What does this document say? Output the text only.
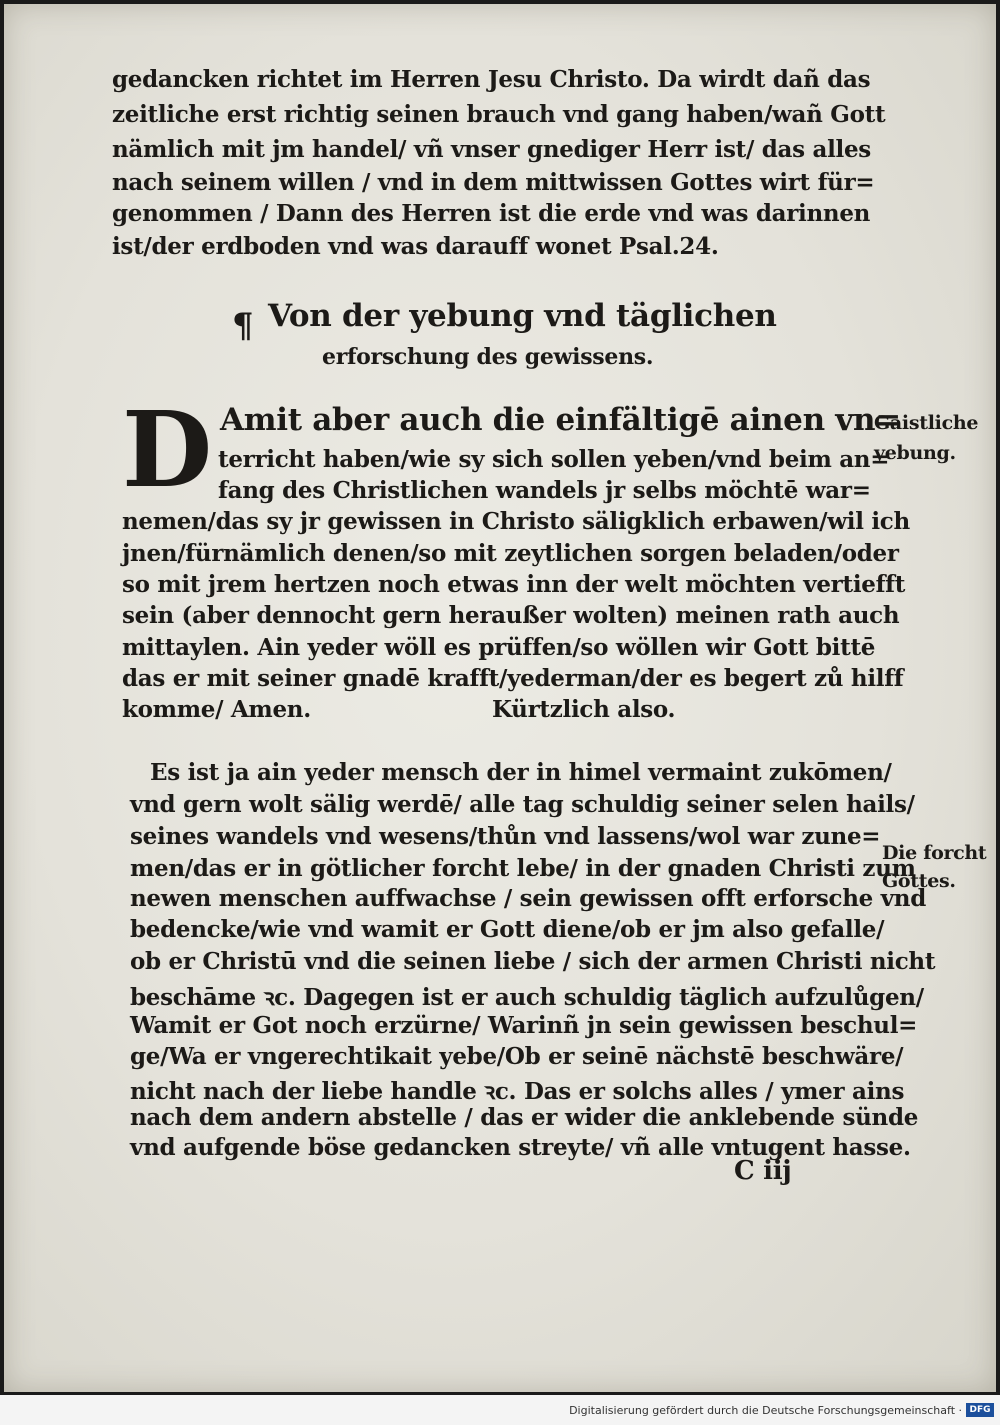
gedancken richtet im Herren Jesu Christo. Da wirdt dañ das
zeitliche erst richtig seinen brauch vnd gang haben/wañ Gott
nämlich mit jm handel/ vñ vnser gnediger Herr ist/ das alles
nach seinem willen / vnd in dem mittwissen Gottes wirt für=
genommen / Dann des Herren ist die erde vnd was darinnen
ist/der erdboden vnd was darauff wonet Psal.24.
¶ Von der yebung vnd täglichen
erforschung des gewissens.
D Amit aber auch die einfältigē ainen vn=
terricht haben/wie sy sich sollen yeben/vnd beim an=
fang des Christlichen wandels jr selbs möchtē war=
nemen/das sy jr gewissen in Christo säligklich erbawen/wil ich
jnen/fürnämlich denen/so mit zeytlichen sorgen beladen/oder
so mit jrem hertzen noch etwas inn der welt möchten vertiefft
sein (aber dennocht gern heraußer wolten) meinen rath auch
mittaylen. Ain yeder wöll es prüffen/so wöllen wir Gott bittē
das er mit seiner gnadē krafft/yederman/der es begert zů hilff
komme/ Amen.	Kürtzlich also.
Gaistliche
yebung.
Es ist ja ain yeder mensch der in himel vermaint zukōmen/
vnd gern wolt sälig werdē/ alle tag schuldig seiner selen hails/
seines wandels vnd wesens/thůn vnd lassens/wol war zune=
men/das er in götlicher forcht lebe/ in der gnaden Christi zum
newen menschen auffwachse / sein gewissen offt erforsche vnd
bedencke/wie vnd wamit er Gott diene/ob er jm also gefalle/
ob er Christū vnd die seinen liebe / sich der armen Christi nicht
beschāme ꝛc. Dagegen ist er auch schuldig täglich aufzulůgen/
Wamit er Got noch erzürne/ Warinñ jn sein gewissen beschul=
ge/Wa er vngerechtikait yebe/Ob er seinē nächstē beschwäre/
nicht nach der liebe handle ꝛc. Das er solchs alles / ymer ains
nach dem andern abstelle / das er wider die anklebende sünde
vnd aufgende böse gedancken streyte/ vñ alle vntugent hasse.
Die forcht
Gottes.
C iij
Digitalisierung gefördert durch die Deutsche Forschungsgemeinschaft · DFG
